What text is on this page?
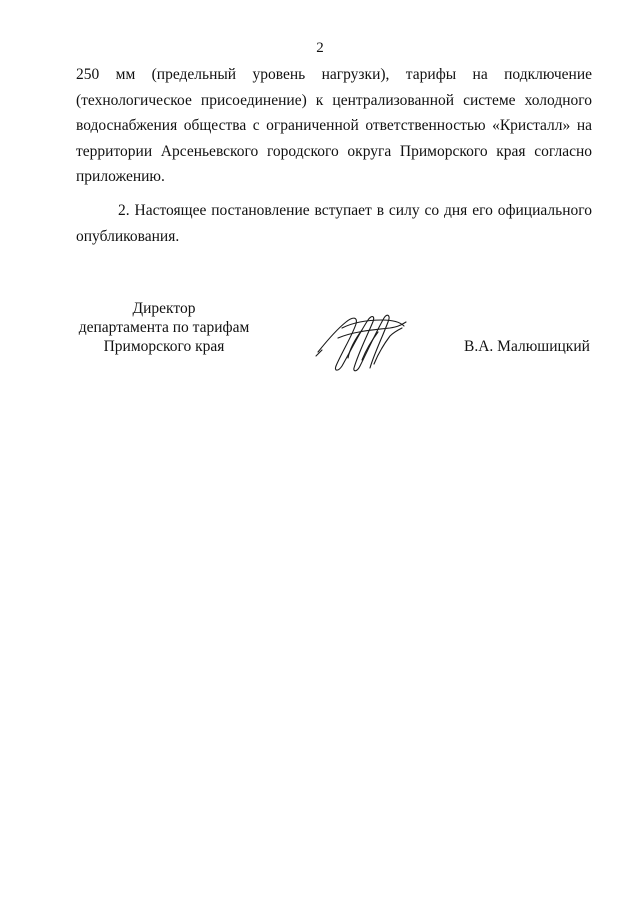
2

250 мм (предельный уровень нагрузки), тарифы на подключение (технологическое присоединение) к централизованной системе холодного водоснабжения общества с ограниченной ответственностью «Кристалл» на территории Арсеньевского городского округа Приморского края согласно приложению.

2. Настоящее постановление вступает в силу со дня его официального опубликования.

Директор
департамента по тарифам
Приморского края	В.А. Малюшицкий
